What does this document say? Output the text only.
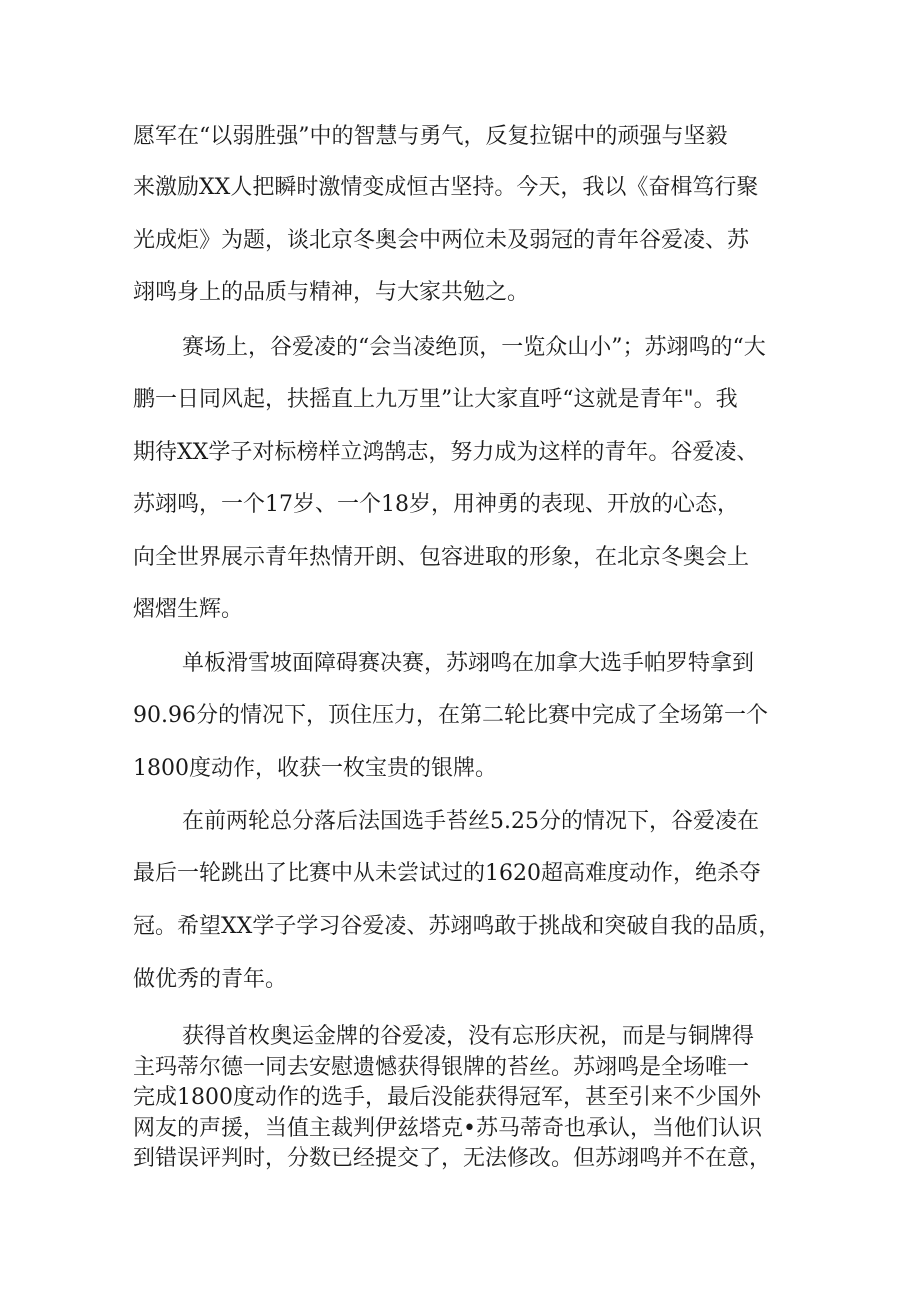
愿军在“以弱胜强”中的智慧与勇气，反复拉锯中的顽强与坚毅

来激励XX人把瞬时激情变成恒古坚持。今天，我以《奋楫笃行聚

光成炬》为题，谈北京冬奥会中两位未及弱冠的青年谷爱凌、苏

翊鸣身上的品质与精神，与大家共勉之。

赛场上，谷爱凌的“会当凌绝顶，一览众山小”；苏翊鸣的“大

鹏一日同风起，扶摇直上九万里”让大家直呼“这就是青年"。我

期待XX学子对标榜样立鸿鹄志，努力成为这样的青年。谷爱凌、

苏翊鸣，一个17岁、一个18岁，用神勇的表现、开放的心态，

向全世界展示青年热情开朗、包容进取的形象，在北京冬奥会上

熠熠生辉。

单板滑雪坡面障碍赛决赛，苏翊鸣在加拿大选手帕罗特拿到

90.96分的情况下，顶住压力，在第二轮比赛中完成了全场第一个

1800度动作，收获一枚宝贵的银牌。

在前两轮总分落后法国选手苔丝5.25分的情况下，谷爱凌在

最后一轮跳出了比赛中从未尝试过的1620超高难度动作，绝杀夺

冠。希望XX学子学习谷爱凌、苏翊鸣敢于挑战和突破自我的品质，

做优秀的青年。

获得首枚奥运金牌的谷爱凌，没有忘形庆祝，而是与铜牌得

主玛蒂尔德一同去安慰遗憾获得银牌的苔丝。苏翊鸣是全场唯一

完成1800度动作的选手，最后没能获得冠军，甚至引来不少国外

网友的声援，当值主裁判伊兹塔克•苏马蒂奇也承认，当他们认识

到错误评判时，分数已经提交了，无法修改。但苏翊鸣并不在意，
